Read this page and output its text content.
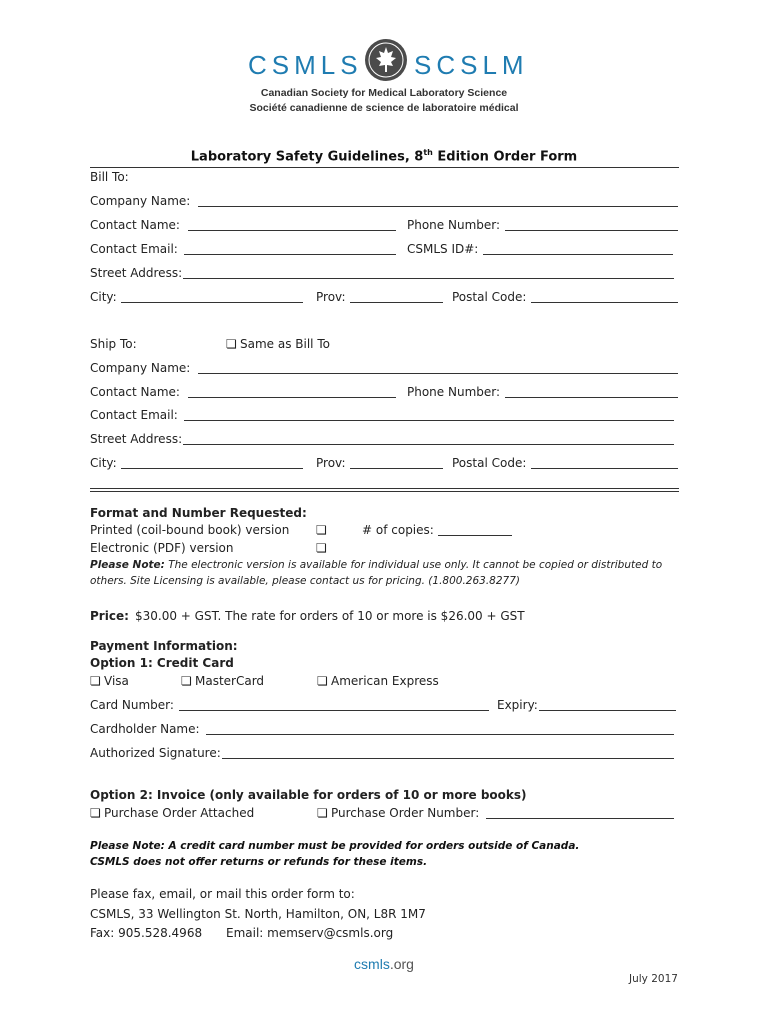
CSMLS SCSLM
Canadian Society for Medical Laboratory Science
Société canadienne de science de laboratoire médical
Laboratory Safety Guidelines, 8th Edition Order Form
Bill To:
Company Name:
Contact Name:	Phone Number:
Contact Email:	CSMLS ID#:
Street Address:
City:	Prov:	Postal Code:
Ship To:	❏ Same as Bill To
Company Name:
Contact Name:	Phone Number:
Contact Email:
Street Address:
City:	Prov:	Postal Code:
Format and Number Requested:
Printed (coil-bound book) version ❏	# of copies:
Electronic (PDF) version	❏
Please Note: The electronic version is available for individual use only. It cannot be copied or distributed to
others. Site Licensing is available, please contact us for pricing. (1.800.263.8277)
Price: $30.00 + GST. The rate for orders of 10 or more is $26.00 + GST
Payment Information:
Option 1: Credit Card
❏ Visa	❏ MasterCard	❏ American Express
Card Number:	Expiry:
Cardholder Name:
Authorized Signature:
Option 2: Invoice (only available for orders of 10 or more books)
❏ Purchase Order Attached	❏ Purchase Order Number:
Please Note: A credit card number must be provided for orders outside of Canada.
CSMLS does not offer returns or refunds for these items.
Please fax, email, or mail this order form to:
CSMLS, 33 Wellington St. North, Hamilton, ON, L8R 1M7
Fax: 905.528.4968 Email: memserv@csmls.org
csmls.org
July 2017
